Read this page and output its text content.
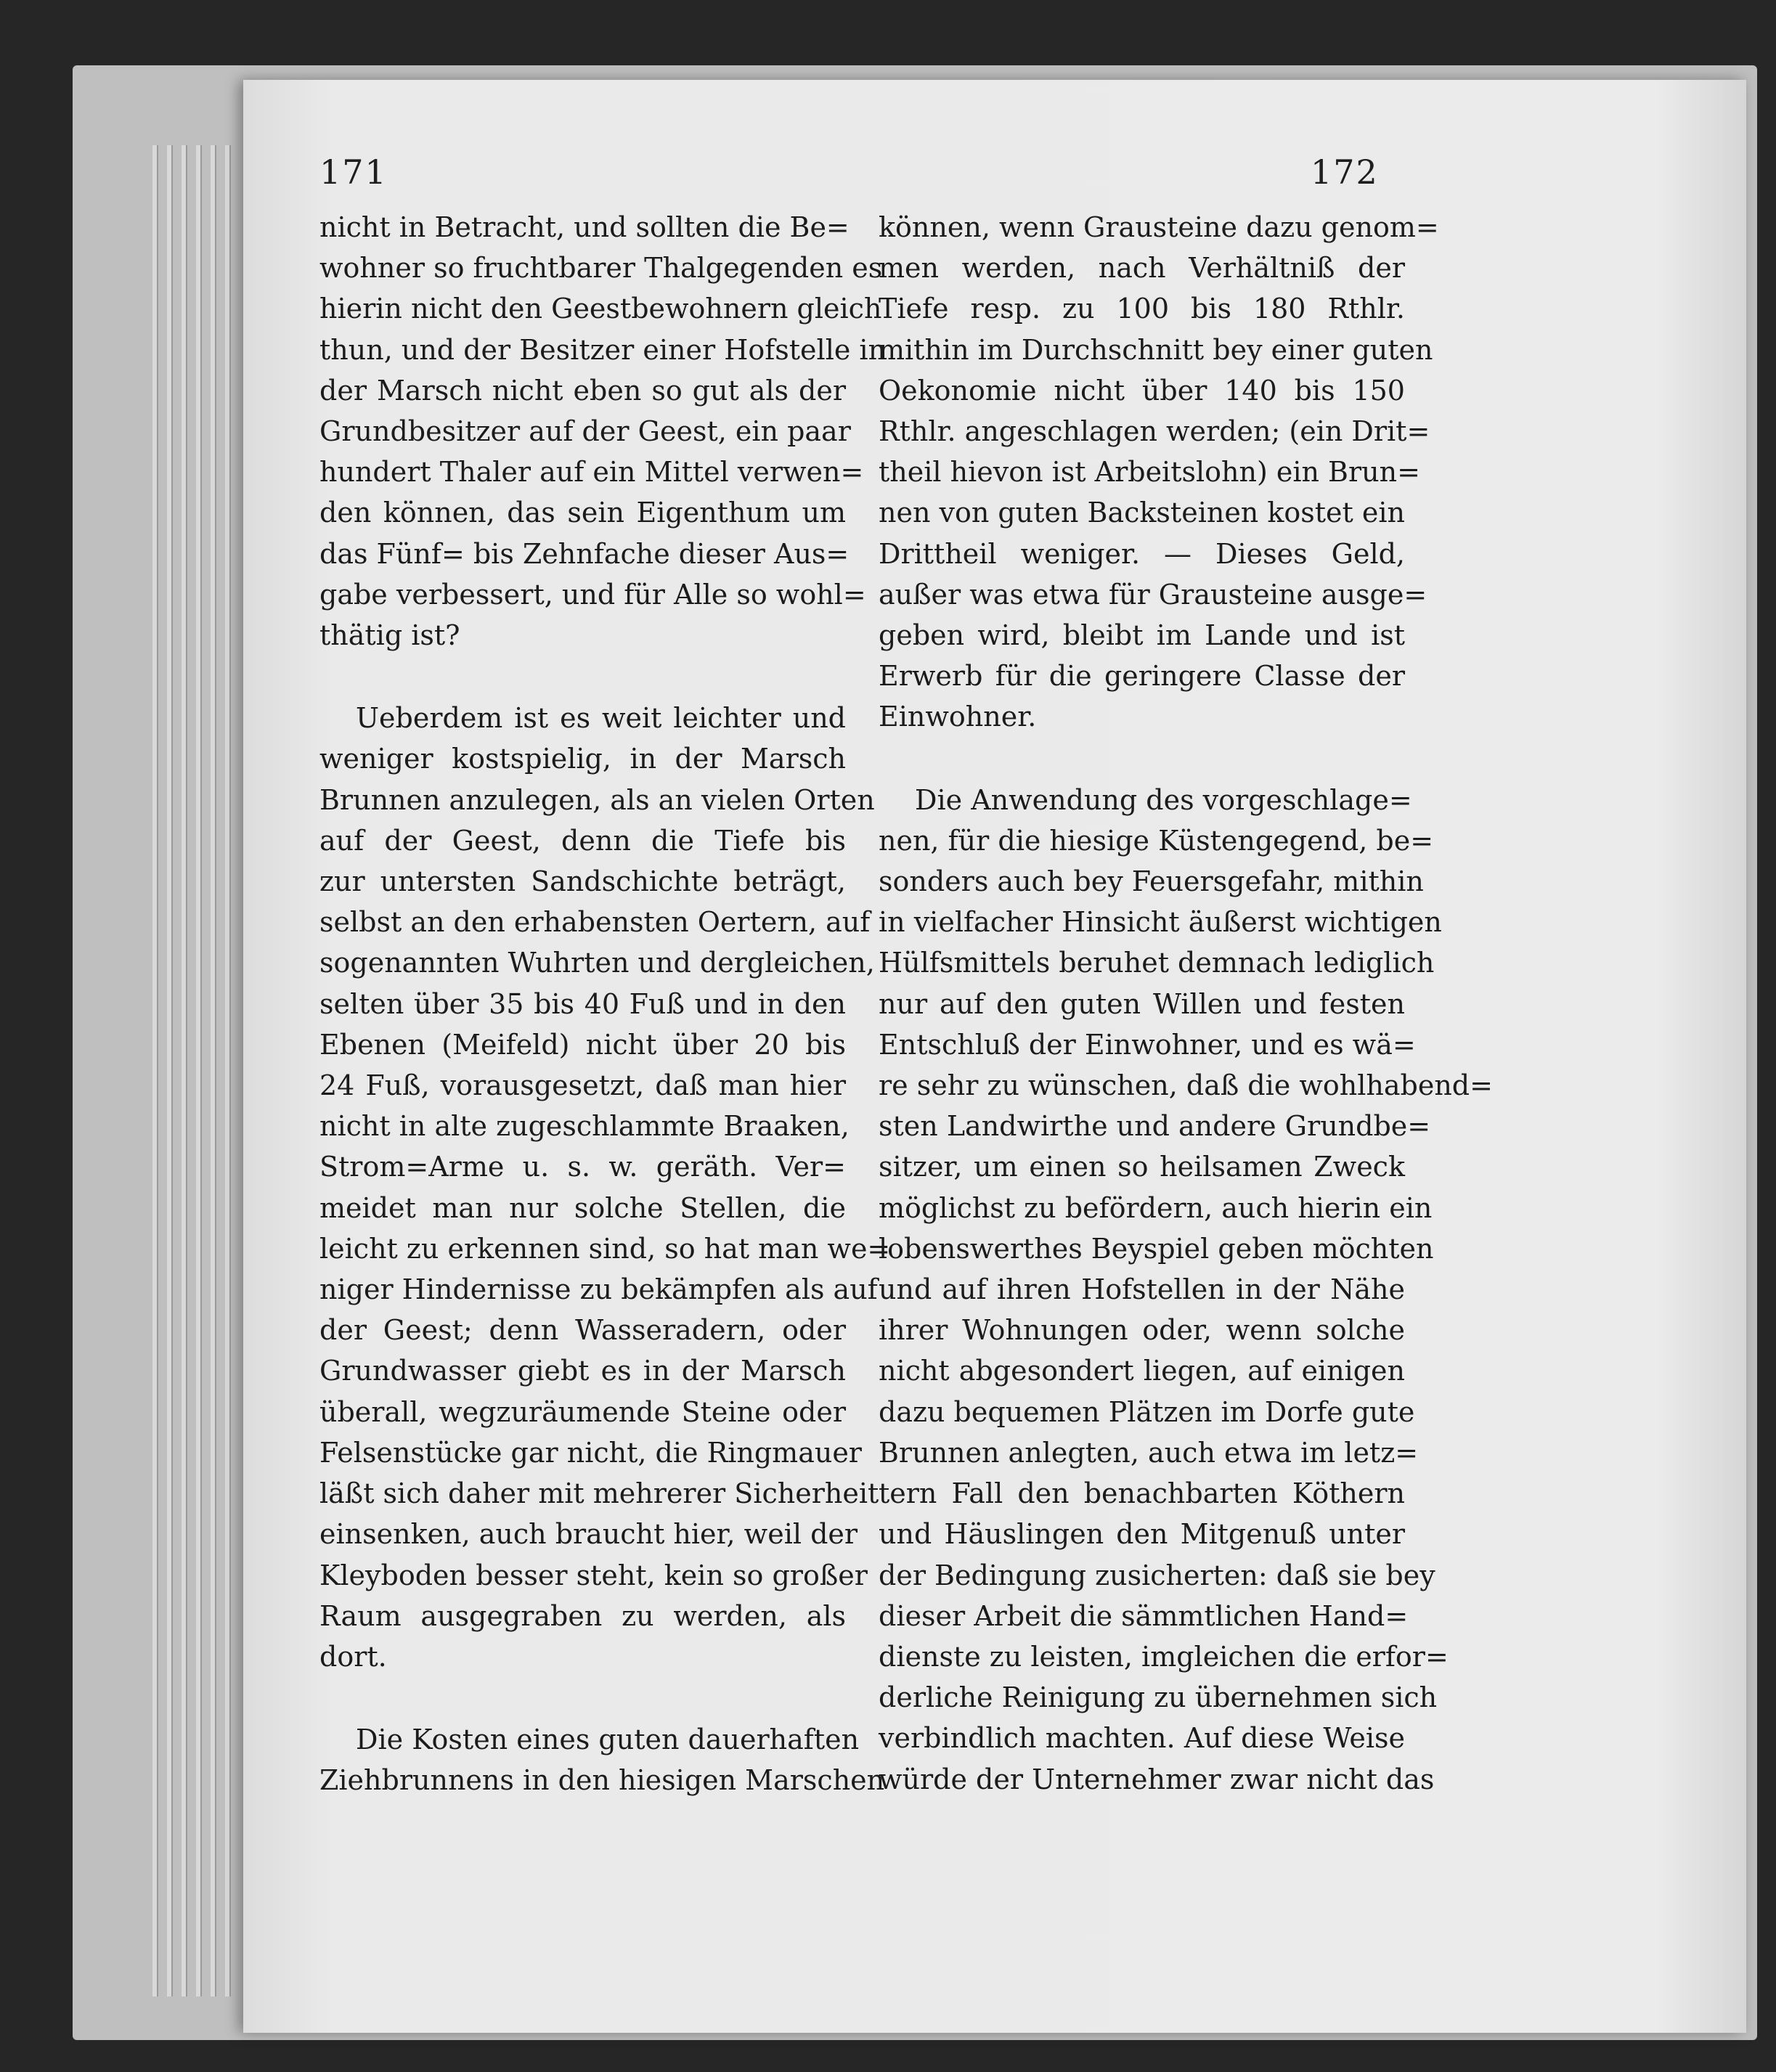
171	172
nicht in Betracht, und sollten die Be=
wohner so fruchtbarer Thalgegenden es
hierin nicht den Geestbewohnern gleich
thun, und der Besitzer einer Hofstelle in
der Marsch nicht eben so gut als der
Grundbesitzer auf der Geest, ein paar
hundert Thaler auf ein Mittel verwen=
den können, das sein Eigenthum um
das Fünf= bis Zehnfache dieser Aus=
gabe verbessert, und für Alle so wohl=
thätig ist?
Ueberdem ist es weit leichter und
weniger kostspielig, in der Marsch
Brunnen anzulegen, als an vielen Orten
auf der Geest, denn die Tiefe bis
zur untersten Sandschichte beträgt,
selbst an den erhabensten Oertern, auf
sogenannten Wuhrten und dergleichen,
selten über 35 bis 40 Fuß und in den
Ebenen (Meifeld) nicht über 20 bis
24 Fuß, vorausgesetzt, daß man hier
nicht in alte zugeschlammte Braaken,
Strom=Arme u. s. w. geräth. Ver=
meidet man nur solche Stellen, die
leicht zu erkennen sind, so hat man we=
niger Hindernisse zu bekämpfen als auf
der Geest; denn Wasseradern, oder
Grundwasser giebt es in der Marsch
überall, wegzuräumende Steine oder
Felsenstücke gar nicht, die Ringmauer
läßt sich daher mit mehrerer Sicherheit
einsenken, auch braucht hier, weil der
Kleyboden besser steht, kein so großer
Raum ausgegraben zu werden, als
dort.
Die Kosten eines guten dauerhaften
Ziehbrunnens in den hiesigen Marschen
können, wenn Grausteine dazu genom=
men werden, nach Verhältniß der
Tiefe resp. zu 100 bis 180 Rthlr.
mithin im Durchschnitt bey einer guten
Oekonomie nicht über 140 bis 150
Rthlr. angeschlagen werden; (ein Drit=
theil hievon ist Arbeitslohn) ein Brun=
nen von guten Backsteinen kostet ein
Drittheil weniger. — Dieses Geld,
außer was etwa für Grausteine ausge=
geben wird, bleibt im Lande und ist
Erwerb für die geringere Classe der
Einwohner.
Die Anwendung des vorgeschlage=
nen, für die hiesige Küstengegend, be=
sonders auch bey Feuersgefahr, mithin
in vielfacher Hinsicht äußerst wichtigen
Hülfsmittels beruhet demnach lediglich
nur auf den guten Willen und festen
Entschluß der Einwohner, und es wä=
re sehr zu wünschen, daß die wohlhabend=
sten Landwirthe und andere Grundbe=
sitzer, um einen so heilsamen Zweck
möglichst zu befördern, auch hierin ein
lobenswerthes Beyspiel geben möchten
und auf ihren Hofstellen in der Nähe
ihrer Wohnungen oder, wenn solche
nicht abgesondert liegen, auf einigen
dazu bequemen Plätzen im Dorfe gute
Brunnen anlegten, auch etwa im letz=
tern Fall den benachbarten Köthern
und Häuslingen den Mitgenuß unter
der Bedingung zusicherten: daß sie bey
dieser Arbeit die sämmtlichen Hand=
dienste zu leisten, imgleichen die erfor=
derliche Reinigung zu übernehmen sich
verbindlich machten. Auf diese Weise
würde der Unternehmer zwar nicht das
